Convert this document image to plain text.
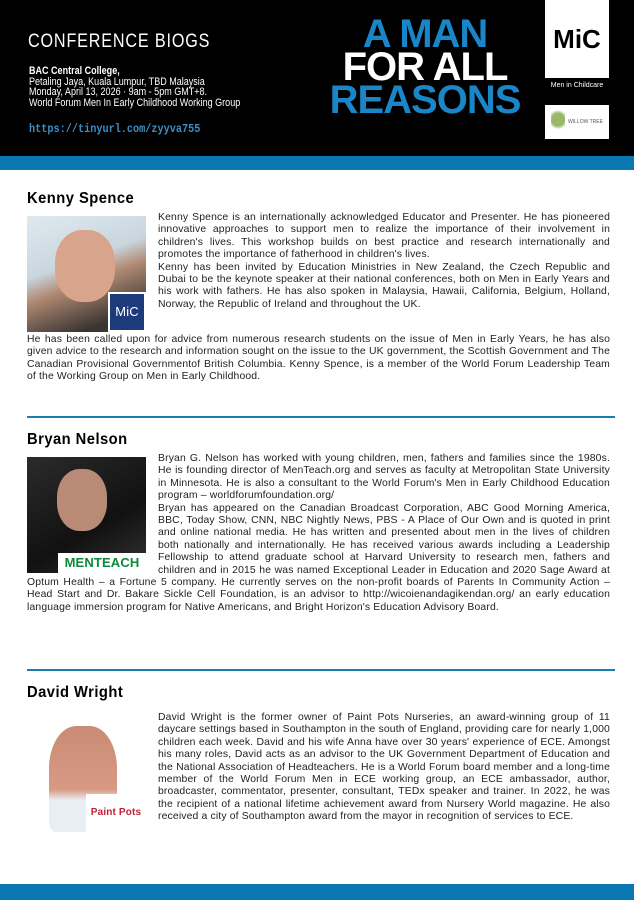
CONFERENCE BIOGS
BAC Central College,
Petaling Jaya, Kuala Lumpur, TBD Malaysia
Monday, April 13, 2026 · 9am - 5pm GMT+8.
World Forum Men In Early Childhood Working Group
https://tinyurl.com/zyyva755
A MAN
FOR ALL
REASONS
MiC
Men in Childcare
WILLOW TREE
Kenny Spence
MiC

Kenny Spence is an internationally acknowledged Educator and Presenter. He has pioneered innovative approaches to support men to realize the importance of their involvement in children's lives. This workshop builds on best practice and research internationally and promotes the importance of fatherhood in children's lives.

Kenny has been invited by Education Ministries in New Zealand, the Czech Republic and Dubai to be the keynote speaker at their national conferences, both on Men in Early Years and his work with fathers. He has also spoken in Malaysia, Hawaii, California, Belgium, Holland, Norway, the Republic of Ireland and throughout the UK.

He has been called upon for advice from numerous research students on the issue of Men in Early Years, he has also given advice to the research and information sought on the issue to the UK government, the Scottish Government and The Canadian Provisional Governmentof British Columbia. Kenny Spence, is a member of the World Forum Leadership Team of the Working Group on Men in Early Childhood.

Bryan Nelson
MENTEACH

Bryan G. Nelson has worked with young children, men, fathers and families since the 1980s. He is founding director of MenTeach.org and serves as faculty at Metropolitan State University in Minnesota. He is also a consultant to the World Forum's Men in Early Childhood Education program – worldforumfoundation.org/

Bryan has appeared on the Canadian Broadcast Corporation, ABC Good Morning America, BBC, Today Show, CNN, NBC Nightly News, PBS - A Place of Our Own and is quoted in print and online national media. He has written and presented about men in the lives of children both nationally and internationally. He has received various awards including a Leadership Fellowship to attend graduate school at Harvard University to research men, fathers and children and in 2015 he was named Exceptional Leader in Education and 2020 Sage Award at Optum Health – a Fortune 5 company. He currently serves on the non-profit boards of Parents In Community Action – Head Start and Dr. Bakare Sickle Cell Foundation, is an advisor to http://wicoienandagikendan.org/ an early education language immersion program for Native Americans, and Bright Horizon's Education Advisory Board.

David Wright
Paint Pots

David Wright is the former owner of Paint Pots Nurseries, an award-winning group of 11 daycare settings based in Southampton in the south of England, providing care for nearly 1,000 children each week. David and his wife Anna have over 30 years' experience of ECE. Amongst his many roles, David acts as an advisor to the UK Government Department of Education and the National Association of Headteachers. He is a World Forum board member and a long-time member of the World Forum Men in ECE working group, an ECE ambassador, author, broadcaster, commentator, presenter, consultant, TEDx speaker and trainer. In 2022, he was the recipient of a national lifetime achievement award from Nursery World magazine. He also received a city of Southampton award from the mayor in recognition of services to ECE.
